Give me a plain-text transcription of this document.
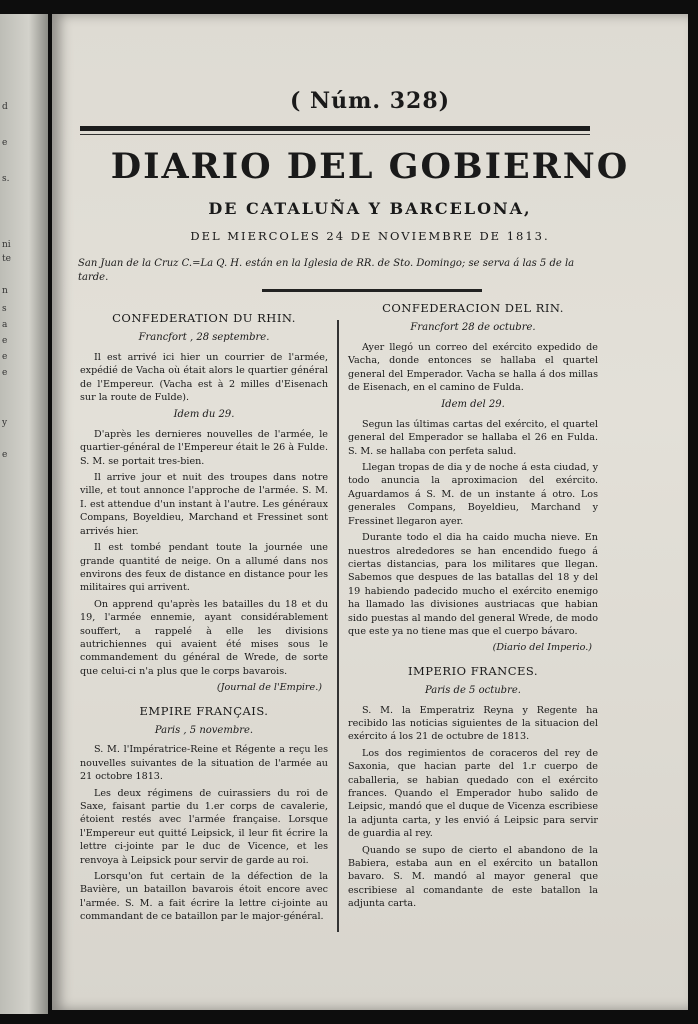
d
e
s.
ni
te
n
s
a
e
e
e
y
e
( Núm. 328)
DIARIO DEL GOBIERNO
DE CATALUÑA Y BARCELONA,
DEL MIERCOLES 24 DE NOVIEMBRE DE 1813.
San Juan de la Cruz C.=La Q. H. están en la Iglesia de RR. de Sto. Domingo; se serva á las 5 de la tarde.
CONFEDERATION DU RHIN.
Francfort , 28 septembre.

Il est arrivé ici hier un courrier de l'armée, expédié de Vacha où était alors le quartier général de l'Empereur. (Vacha est à 2 milles d'Eisenach sur la route de Fulde).

Idem du 29.

D'après les dernieres nouvelles de l'armée, le quartier-général de l'Empereur était le 26 à Fulde. S. M. se portait tres-bien.

Il arrive jour et nuit des troupes dans notre ville, et tout annonce l'approche de l'armée. S. M. I. est attendue d'un instant à l'autre. Les généraux Compans, Boyeldieu, Marchand et Fressinet sont arrivés hier.

Il est tombé pendant toute la journée une grande quantité de neige. On a allumé dans nos environs des feux de distance en distance pour les militaires qui arrivent.

On apprend qu'après les batailles du 18 et du 19, l'armée ennemie, ayant considérablement souffert, a rappelé à elle les divisions autrichiennes qui avaient été mises sous le commandement du général de Wrede, de sorte que celui-ci n'a plus que le corps bavarois.

(Journal de l'Empire.)

EMPIRE FRANÇAIS.
Paris , 5 novembre.

S. M. l'Impératrice-Reine et Régente a reçu les nouvelles suivantes de la situation de l'armée au 21 octobre 1813.

Les deux régimens de cuirassiers du roi de Saxe, faisant partie du 1.er corps de cavalerie, étoient restés avec l'armée française. Lorsque l'Empereur eut quitté Leipsick, il leur fit écrire la lettre ci-jointe par le duc de Vicence, et les renvoya à Leipsick pour servir de garde au roi.

Lorsqu'on fut certain de la défection de la Bavière, un bataillon bavarois étoit encore avec l'armée. S. M. a fait écrire la lettre ci-jointe au commandant de ce bataillon par le major-général.

CONFEDERACION DEL RIN.
Francfort 28 de octubre.

Ayer llegó un correo del exército expedido de Vacha, donde entonces se hallaba el quartel general del Emperador. Vacha se halla á dos millas de Eisenach, en el camino de Fulda.

Idem del 29.

Segun las últimas cartas del exército, el quartel general del Emperador se hallaba el 26 en Fulda. S. M. se hallaba con perfeta salud.

Llegan tropas de dia y de noche á esta ciudad, y todo anuncia la aproximacion del exército. Aguardamos á S. M. de un instante á otro. Los generales Compans, Boyeldieu, Marchand y Fressinet llegaron ayer.

Durante todo el dia ha caido mucha nieve. En nuestros alrededores se han encendido fuego á ciertas distancias, para los militares que llegan. Sabemos que despues de las batallas del 18 y del 19 habiendo padecido mucho el exército enemigo ha llamado las divisiones austriacas que habian sido puestas al mando del general Wrede, de modo que este ya no tiene mas que el cuerpo bávaro.

(Diario del Imperio.)

IMPERIO FRANCES.
Paris de 5 octubre.

S. M. la Emperatriz Reyna y Regente ha recibido las noticias siguientes de la situacion del exército á los 21 de octubre de 1813.

Los dos regimientos de coraceros del rey de Saxonia, que hacian parte del 1.r cuerpo de caballeria, se habian quedado con el exército frances. Quando el Emperador hubo salido de Leipsic, mandó que el duque de Vicenza escribiese la adjunta carta, y les envió á Leipsic para servir de guardia al rey.

Quando se supo de cierto el abandono de la Babiera, estaba aun en el exército un batallon bavaro. S. M. mandó al mayor general que escribiese al comandante de este batallon la adjunta carta.
